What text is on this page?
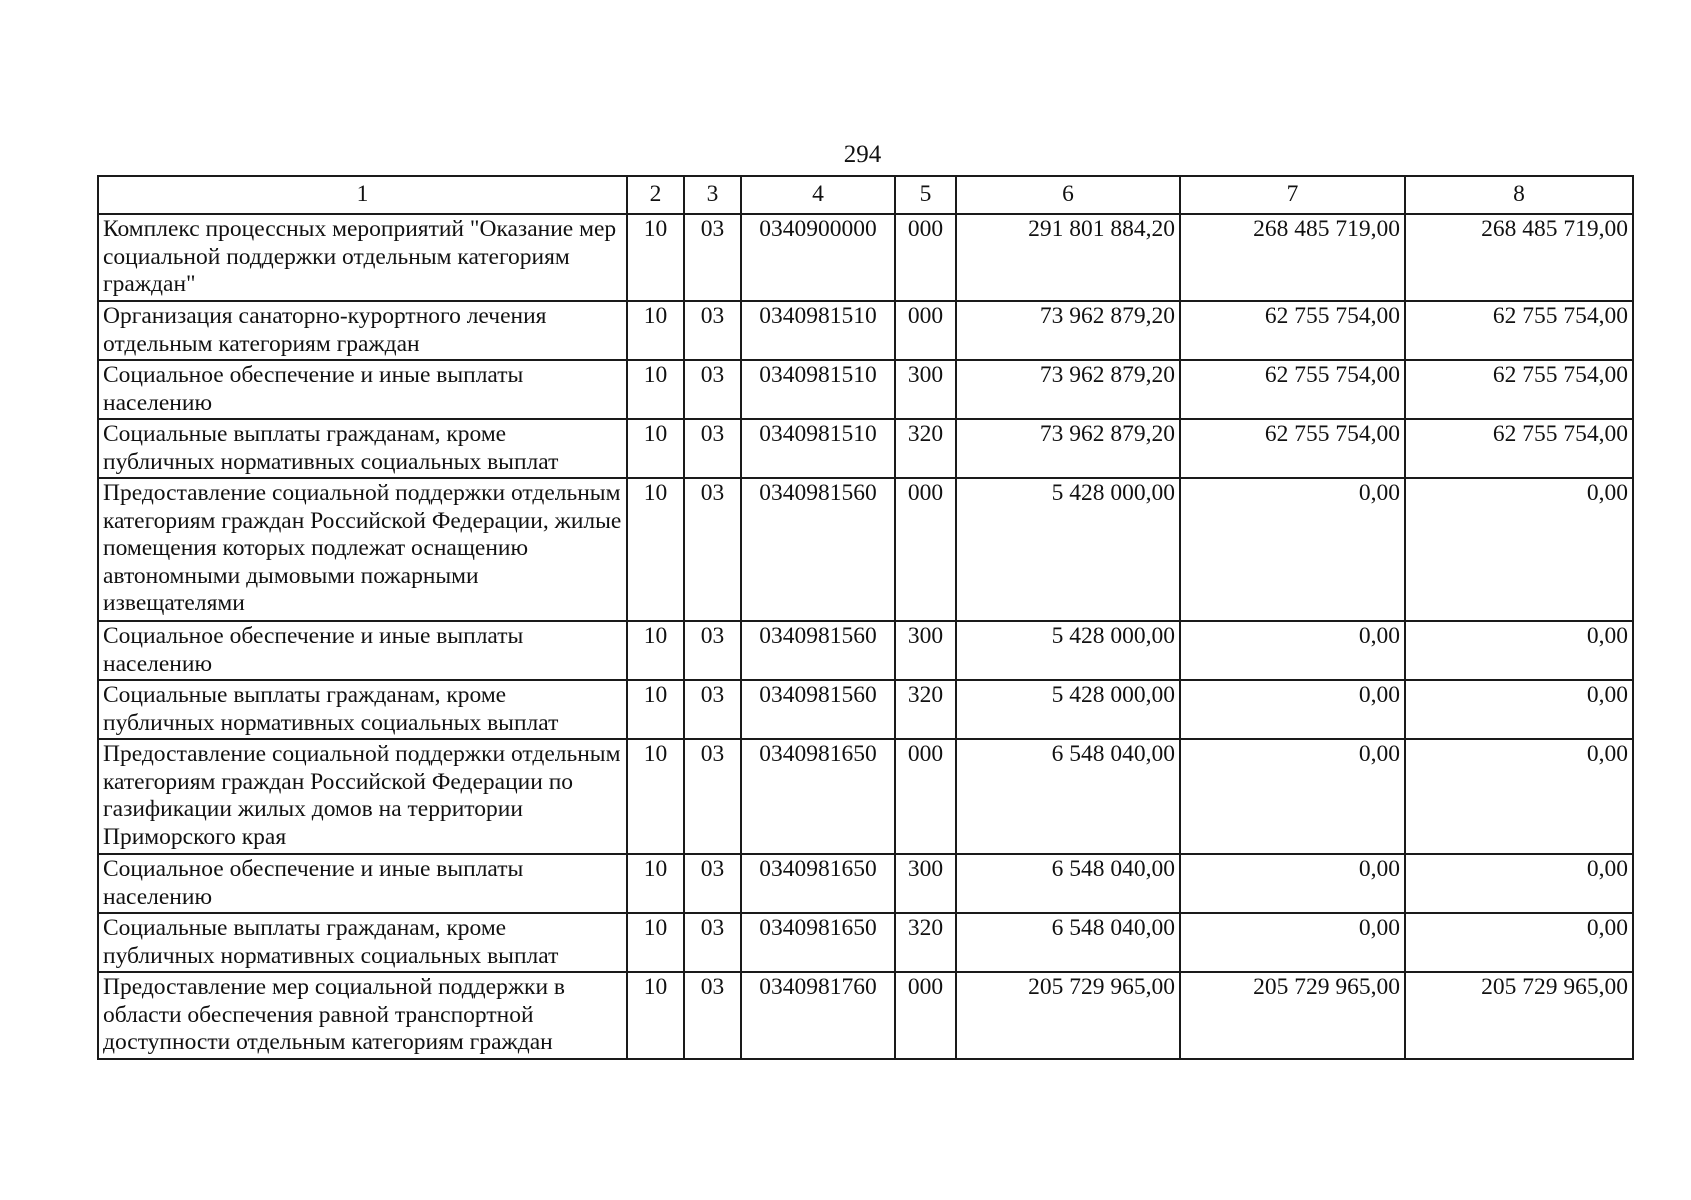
294
1	2	3	4	5	6	7	8
Комплекс процессных мероприятий "Оказание мер социальной поддержки отдельным категориям граждан"	10	03	0340900000	000	291 801 884,20	268 485 719,00	268 485 719,00
Организация санаторно-курортного лечения отдельным категориям граждан	10	03	0340981510	000	73 962 879,20	62 755 754,00	62 755 754,00
Социальное обеспечение и иные выплаты населению	10	03	0340981510	300	73 962 879,20	62 755 754,00	62 755 754,00
Социальные выплаты гражданам, кроме публичных нормативных социальных выплат	10	03	0340981510	320	73 962 879,20	62 755 754,00	62 755 754,00
Предоставление социальной поддержки отдельным категориям граждан Российской Федерации, жилые помещения которых подлежат оснащению автономными дымовыми пожарными извещателями	10	03	0340981560	000	5 428 000,00	0,00	0,00
Социальное обеспечение и иные выплаты населению	10	03	0340981560	300	5 428 000,00	0,00	0,00
Социальные выплаты гражданам, кроме публичных нормативных социальных выплат	10	03	0340981560	320	5 428 000,00	0,00	0,00
Предоставление социальной поддержки отдельным категориям граждан Российской Федерации по газификации жилых домов на территории Приморского края	10	03	0340981650	000	6 548 040,00	0,00	0,00
Социальное обеспечение и иные выплаты населению	10	03	0340981650	300	6 548 040,00	0,00	0,00
Социальные выплаты гражданам, кроме публичных нормативных социальных выплат	10	03	0340981650	320	6 548 040,00	0,00	0,00
Предоставление мер социальной поддержки в области обеспечения равной транспортной доступности отдельным категориям граждан	10	03	0340981760	000	205 729 965,00	205 729 965,00	205 729 965,00
